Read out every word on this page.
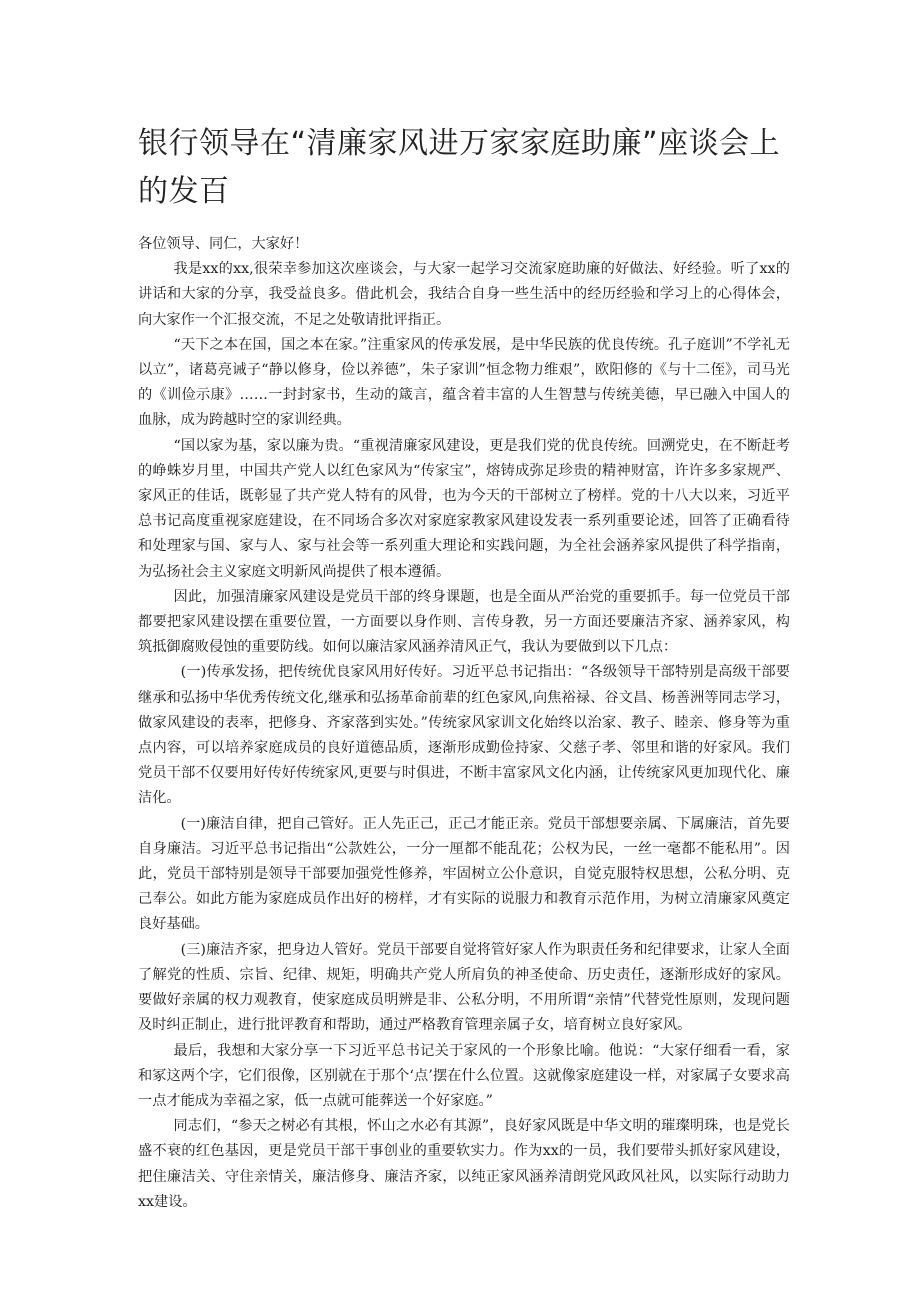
银行领导在“清廉家风进万家家庭助廉”座谈会上的发百

各位领导、同仁，大家好！

我是xx的xx,很荣幸参加这次座谈会，与大家一起学习交流家庭助廉的好做法、好经验。听了xx的讲话和大家的分享，我受益良多。借此机会，我结合自身一些生活中的经历经验和学习上的心得体会，向大家作一个汇报交流，不足之处敬请批评指正。

“天下之本在国，国之本在家。”注重家风的传承发展，是中华民族的优良传统。孔子庭训”不学礼无以立”，诸葛亮诫子“静以修身，俭以养德”，朱子家训”恒念物力维艰”，欧阳修的《与十二侄》，司马光的《训俭示康》……一封封家书，生动的箴言，蕴含着丰富的人生智慧与传统美德，早已融入中国人的血脉，成为跨越时空的家训经典。

“国以家为基，家以廉为贵。“重视清廉家风建设，更是我们党的优良传统。回溯党史，在不断赶考的峥蛛岁月里，中国共产党人以红色家风为“传家宝”，熔铸成弥足珍贵的精神财富，许许多多家规严、家风正的佳话，既彰显了共产党人特有的风骨，也为今天的干部树立了榜样。党的十八大以来，习近平总书记高度重视家庭建设，在不同场合多次对家庭家教家风建设发表一系列重要论述，回答了正确看待和处理家与国、家与人、家与社会等一系列重大理论和实践问题，为全社会涵养家风提供了科学指南，为弘扬社会主义家庭文明新风尚提供了根本遵循。

因此，加强清廉家风建设是党员干部的终身课题，也是全面从严治党的重要抓手。每一位党员干部都要把家风建设摆在重要位置，一方面要以身作则、言传身教，另一方面还要廉洁齐家、涵养家风，构筑抵御腐败侵蚀的重要防线。如何以廉洁家风涵养清风正气，我认为要做到以下几点：

(一)传承发扬，把传统优良家风用好传好。习近平总书记指出：“各级领导干部特别是高级干部要继承和弘扬中华优秀传统文化,继承和弘扬革命前辈的红色家风,向焦裕禄、谷文昌、杨善洲等同志学习，做家风建设的表率，把修身、齐家落到实处。”传统家风家训文化始终以治家、教子、睦亲、修身等为重点内容，可以培养家庭成员的良好道德品质，逐渐形成勤俭持家、父慈子孝、邻里和谐的好家风。我们党员干部不仅要用好传好传统家风,更要与时俱进，不断丰富家风文化内涵，让传统家风更加现代化、廉洁化。

(一)廉洁自律，把自己管好。正人先正己，正己才能正亲。党员干部想要亲属、下属廉洁，首先要自身廉洁。习近平总书记指出“公款姓公，一分一厘都不能乱花；公权为民，一丝一毫都不能私用”。因此，党员干部特别是领导干部要加强党性修养，牢固树立公仆意识，自觉克服特权思想，公私分明、克己奉公。如此方能为家庭成员作出好的榜样，才有实际的说服力和教育示范作用，为树立清廉家风奠定良好基础。

(三)廉洁齐家，把身边人管好。党员干部要自觉将管好家人作为职责任务和纪律要求，让家人全面了解党的性质、宗旨、纪律、规矩，明确共产党人所肩负的神圣使命、历史责任，逐渐形成好的家风。要做好亲属的权力观教育，使家庭成员明辨是非、公私分明，不用所谓“亲情”代替党性原则，发现问题及时纠正制止，进行批评教育和帮助，通过严格教育管理亲属子女，培育树立良好家风。

最后，我想和大家分享一下习近平总书记关于家风的一个形象比喻。他说：“大家仔细看一看，家和冢这两个字，它们很像，区别就在于那个‘点’摆在什么位置。这就像家庭建设一样，对家属子女要求高一点才能成为幸福之家，低一点就可能葬送一个好家庭。”

同志们，“参天之树必有其根，怀山之水必有其源”，良好家风既是中华文明的璀璨明珠，也是党长盛不衰的红色基因，更是党员干部干事创业的重要软实力。作为xx的一员，我们要带头抓好家风建设，把住廉洁关、守住亲情关，廉洁修身、廉洁齐家，以纯正家风涵养清朗党风政风社风，以实际行动助力xx建设。
